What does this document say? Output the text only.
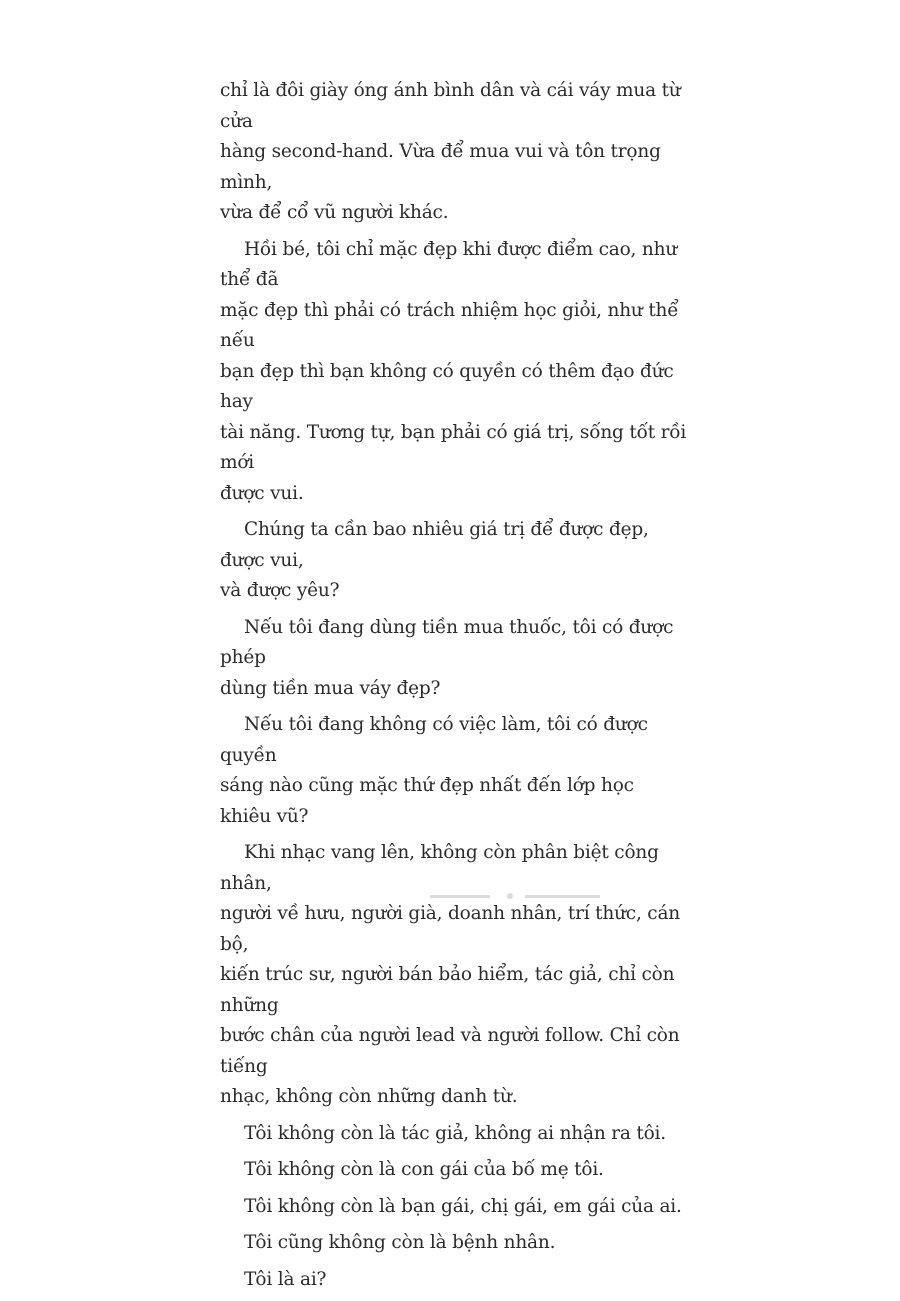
chỉ là đôi giày óng ánh bình dân và cái váy mua từ cửa
hàng second-hand. Vừa để mua vui và tôn trọng mình,
vừa để cổ vũ người khác.

Hồi bé, tôi chỉ mặc đẹp khi được điểm cao, như thể đã
mặc đẹp thì phải có trách nhiệm học giỏi, như thể nếu
bạn đẹp thì bạn không có quyền có thêm đạo đức hay
tài năng. Tương tự, bạn phải có giá trị, sống tốt rồi mới
được vui.

Chúng ta cần bao nhiêu giá trị để được đẹp, được vui,
và được yêu?

Nếu tôi đang dùng tiền mua thuốc, tôi có được phép
dùng tiền mua váy đẹp?

Nếu tôi đang không có việc làm, tôi có được quyền
sáng nào cũng mặc thứ đẹp nhất đến lớp học khiêu vũ?

Khi nhạc vang lên, không còn phân biệt công nhân,
người về hưu, người già, doanh nhân, trí thức, cán bộ,
kiến trúc sư, người bán bảo hiểm, tác giả, chỉ còn những
bước chân của người lead và người follow. Chỉ còn tiếng
nhạc, không còn những danh từ.

Tôi không còn là tác giả, không ai nhận ra tôi.

Tôi không còn là con gái của bố mẹ tôi.

Tôi không còn là bạn gái, chị gái, em gái của ai.

Tôi cũng không còn là bệnh nhân.

Tôi là ai?
